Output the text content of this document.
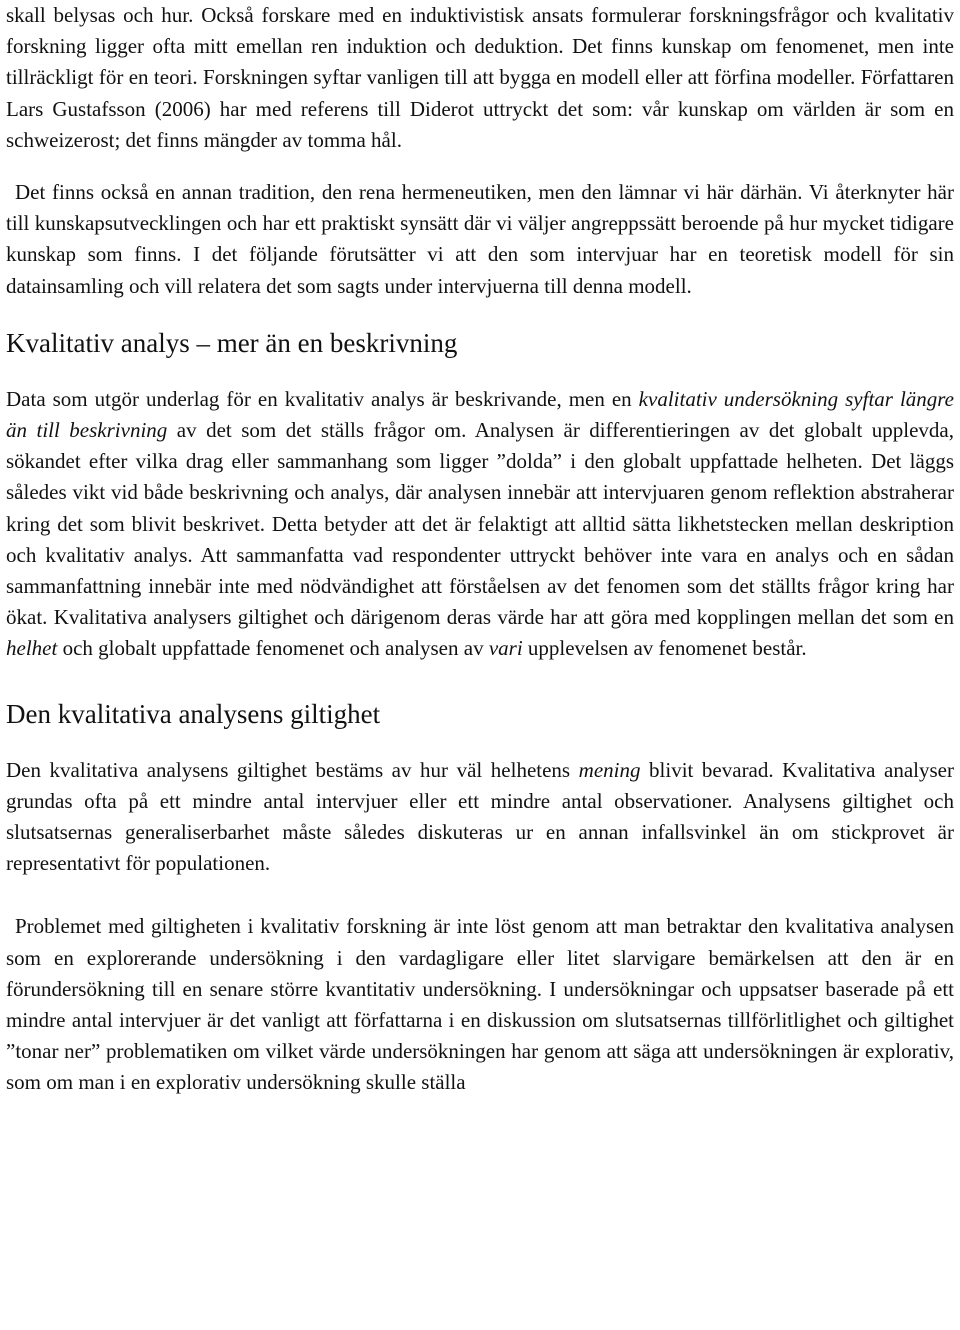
skall belysas och hur. Också forskare med en induktivistisk ansats formulerar forskningsfrågor och kvalitativ forskning ligger ofta mitt emellan ren induktion och deduktion. Det finns kunskap om fenomenet, men inte tillräckligt för en teori. Forskningen syftar vanligen till att bygga en modell eller att förfina modeller. Författaren Lars Gustafsson (2006) har med referens till Diderot uttryckt det som: vår kunskap om världen är som en schweizerost; det finns mängder av tomma hål.

Det finns också en annan tradition, den rena hermeneutiken, men den lämnar vi här därhän. Vi återknyter här till kunskapsutvecklingen och har ett praktiskt synsätt där vi väljer angreppssätt beroende på hur mycket tidigare kunskap som finns. I det följande förutsätter vi att den som intervjuar har en teoretisk modell för sin datainsamling och vill relatera det som sagts under intervjuerna till denna modell.

Kvalitativ analys – mer än en beskrivning

Data som utgör underlag för en kvalitativ analys är beskrivande, men en kvalitativ undersökning syftar längre än till beskrivning av det som det ställs frågor om. Analysen är differentieringen av det globalt upplevda, sökandet efter vilka drag eller sammanhang som ligger ”dolda” i den globalt uppfattade helheten. Det läggs således vikt vid både beskrivning och analys, där analysen innebär att intervjuaren genom reflektion abstraherar kring det som blivit beskrivet. Detta betyder att det är felaktigt att alltid sätta likhetstecken mellan deskription och kvalitativ analys. Att sammanfatta vad respondenter uttryckt behöver inte vara en analys och en sådan sammanfattning innebär inte med nödvändighet att förståelsen av det fenomen som det ställts frågor kring har ökat. Kvalitativa analysers giltighet och därigenom deras värde har att göra med kopplingen mellan det som en helhet och globalt uppfattade fenomenet och analysen av vari upplevelsen av fenomenet består.

Den kvalitativa analysens giltighet

Den kvalitativa analysens giltighet bestäms av hur väl helhetens mening blivit bevarad. Kvalitativa analyser grundas ofta på ett mindre antal intervjuer eller ett mindre antal observationer. Analysens giltighet och slutsatsernas generaliserbarhet måste således diskuteras ur en annan infallsvinkel än om stickprovet är representativt för populationen.

Problemet med giltigheten i kvalitativ forskning är inte löst genom att man betraktar den kvalitativa analysen som en explorerande undersökning i den vardagligare eller litet slarvigare bemärkelsen att den är en förundersökning till en senare större kvantitativ undersökning. I undersökningar och uppsatser baserade på ett mindre antal intervjuer är det vanligt att författarna i en diskussion om slutsatsernas tillförlitlighet och giltighet ”tonar ner” problematiken om vilket värde undersökningen har genom att säga att undersökningen är explorativ, som om man i en explorativ undersökning skulle ställa
